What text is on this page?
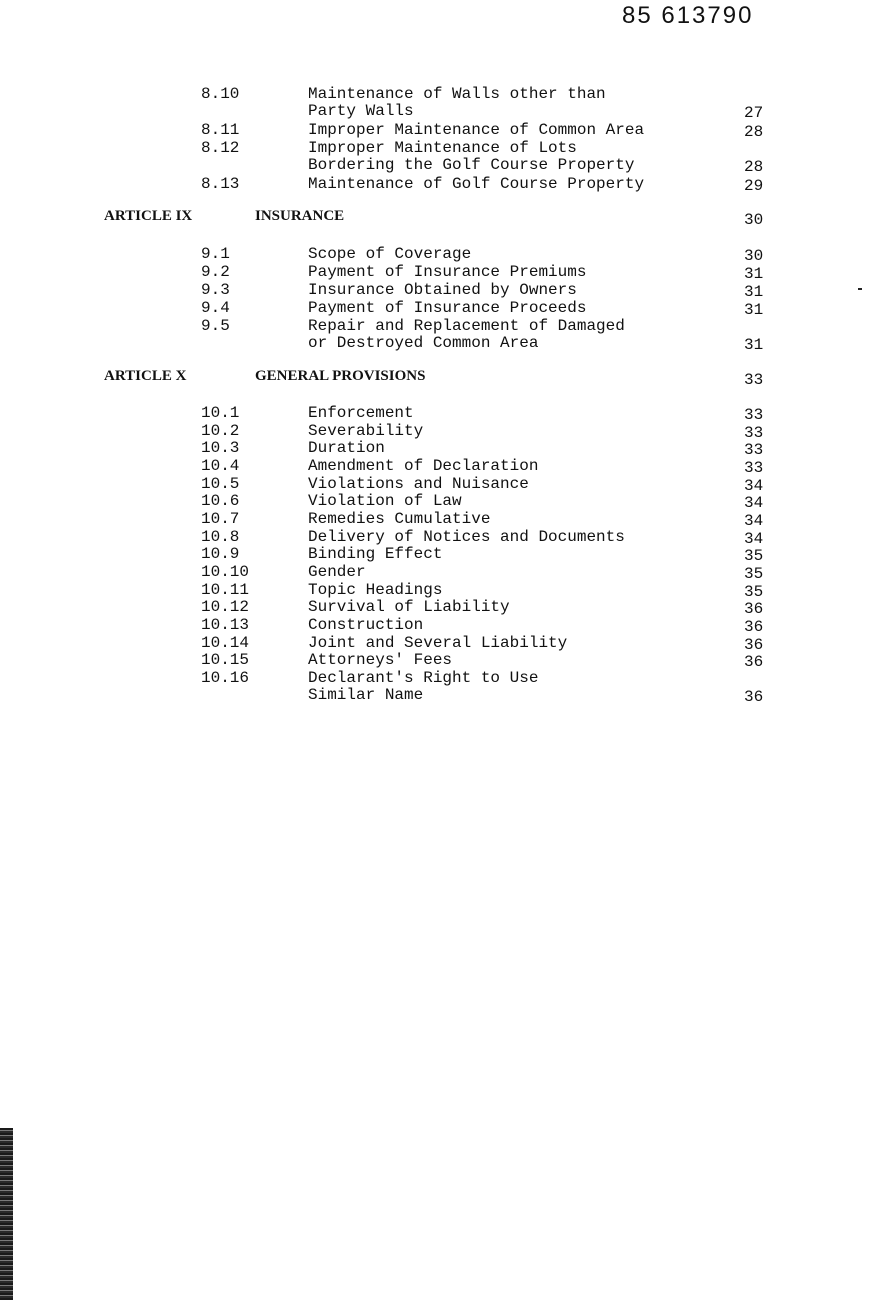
85 613790
8.10	Maintenance of Walls other than
Party Walls	27
8.11	Improper Maintenance of Common Area	28
8.12	Improper Maintenance of Lots
Bordering the Golf Course Property	28
8.13	Maintenance of Golf Course Property	29
ARTICLE IX	INSURANCE	30
9.1	Scope of Coverage	30
9.2	Payment of Insurance Premiums	31
9.3	Insurance Obtained by Owners	31
9.4	Payment of Insurance Proceeds	31
9.5	Repair and Replacement of Damaged
or Destroyed Common Area	31
ARTICLE X	GENERAL PROVISIONS	33
10.1	Enforcement	33
10.2	Severability	33
10.3	Duration	33
10.4	Amendment of Declaration	33
10.5	Violations and Nuisance	34
10.6	Violation of Law	34
10.7	Remedies Cumulative	34
10.8	Delivery of Notices and Documents	34
10.9	Binding Effect	35
10.10	Gender	35
10.11	Topic Headings	35
10.12	Survival of Liability	36
10.13	Construction	36
10.14	Joint and Several Liability	36
10.15	Attorneys' Fees	36
10.16	Declarant's Right to Use
Similar Name	36
